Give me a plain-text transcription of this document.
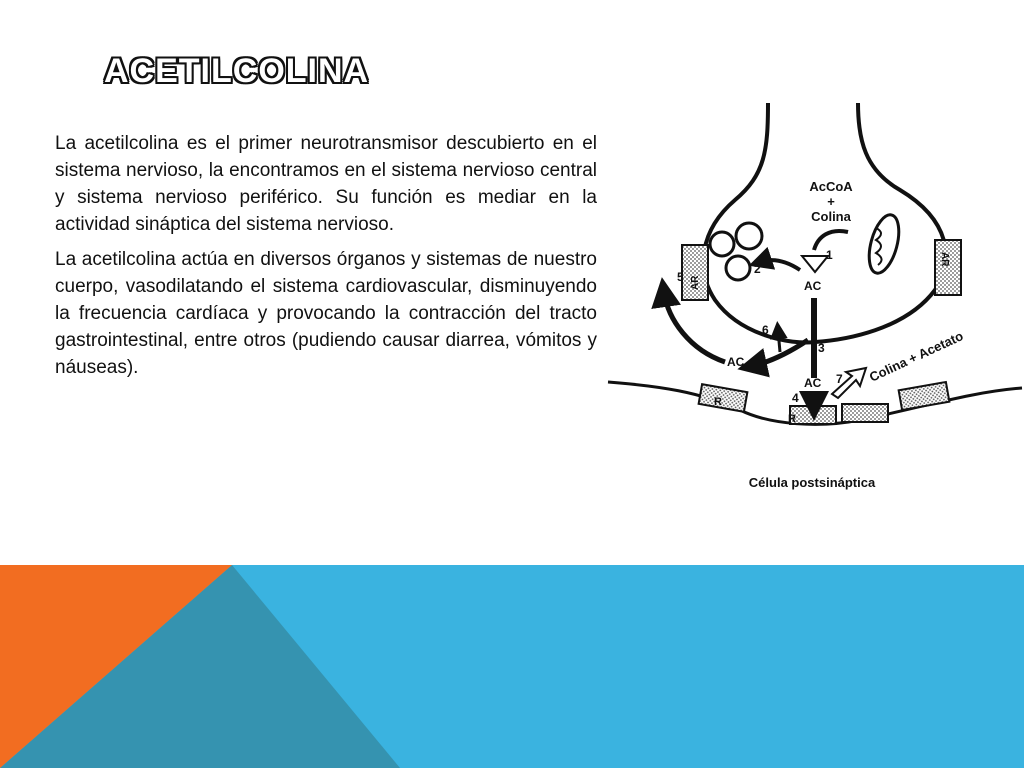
ACETILCOLINA

La acetilcolina es el primer neurotransmisor descubierto en el sistema nervioso, la encontramos en el sistema nervioso central y sistema nervioso periférico. Su función es mediar en la actividad sináptica del sistema nervioso.

La acetilcolina actúa en diversos órganos y sistemas de nuestro cuerpo, vasodilatando el sistema cardiovascular, disminuyendo la frecuencia cardíaca y provocando la contracción del tracto gastrointestinal, entre otros (pudiendo causar diarrea, vómitos y náuseas).

AcCoA
+
Colina
1
2
3
4
5
6
7
AC
AC
AC
R
R
AR
AR
Colina + Acetato
Célula postsináptica
